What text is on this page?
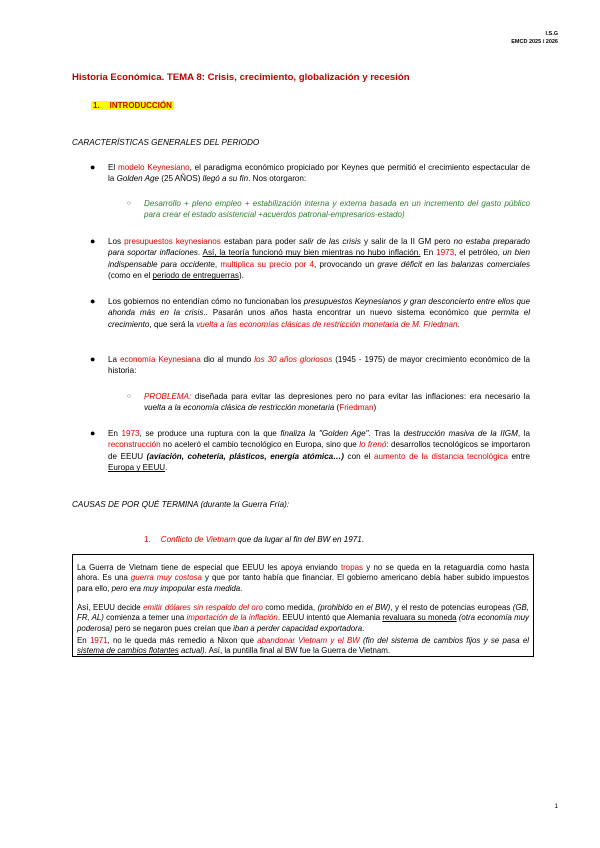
I.S.G
EMCD 2025 / 2026
Historia Económica. TEMA 8: Crisis, crecimiento, globalización y recesión
1. INTRODUCCIÓN
CARACTERÍSTICAS GENERALES DEL PERIODO
● El modelo Keynesiano, el paradigma económico propiciado por Keynes que permitió el crecimiento espectacular de la Golden Age (25 AÑOS) llegó a su fin. Nos otorgaron:
○ Desarrollo + pleno empleo + estabilización interna y externa basada en un incremento del gasto público para crear el estado asistencial +acuerdos patronal-empresarios-estado)
● Los presupuestos keynesianos estaban para poder salir de las crisis y salir de la II GM pero no estaba preparado para soportar inflaciones. Así, la teoría funcionó muy bien mientras no hubo inflación. En 1973, el petróleo, un bien indispensable para occidente, multiplica su precio por 4, provocando un grave déficit en las balanzas comerciales (como en el periodo de entreguerras).
● Los gobiernos no entendían cómo no funcionaban los presupuestos Keynesianos y gran desconcierto entre ellos que ahonda más en la crisis.. Pasarán unos años hasta encontrar un nuevo sistema económico que permita el crecimiento, que será la vuelta a las economías clásicas de restricción monetaria de M. Friedman.
● La economía Keynesiana dio al mundo los 30 años gloriosos (1945 - 1975) de mayor crecimiento económico de la historia:
○ PROBLEMA: diseñada para evitar las depresiones pero no para evitar las inflaciones: era necesario la vuelta a la economía clásica de restricción monetaria (Friedman)
● En 1973, se produce una ruptura con la que finaliza la "Golden Age". Tras la destrucción masiva de la IIGM, la reconstrucción no aceleró el cambio tecnológico en Europa, sino que lo frenó: desarrollos tecnológicos se importaron de EEUU (aviación, cohetería, plásticos, energía atómica…) con el aumento de la distancia tecnológica entre Europa y EEUU.
CAUSAS DE POR QUÉ TERMINA (durante la Guerra Fría):
1. Conflicto de Vietnam que da lugar al fin del BW en 1971.
La Guerra de Vietnam tiene de especial que EEUU les apoya enviando tropas y no se queda en la retaguardia como hasta ahora. Es una guerra muy costosa y que por tanto había que financiar. El gobierno americano debía haber subido impuestos para ello, pero era muy impopular esta medida.
Así, EEUU decide emitir dólares sin respaldo del oro como medida, (prohibido en el BW), y el resto de potencias europeas (GB, FR, AL) comienza a temer una importación de la inflación. EEUU intentó que Alemania revaluara su moneda (otra economía muy poderosa) pero se negaron pues creían que iban a perder capacidad exportadora.
En 1971, no le queda más remedio a Nixon que abandonar Vietnam y el BW (fin del sistema de cambios fijos y se pasa el sistema de cambios flotantes actual). Así, la puntilla final al BW fue la Guerra de Vietnam.
1
